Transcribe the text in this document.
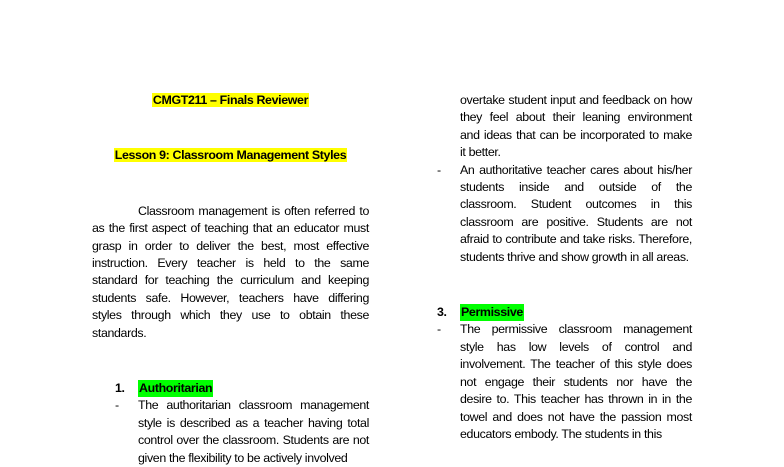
CMGT211 – Finals Reviewer
Lesson 9: Classroom Management Styles

Classroom management is often referred to as the first aspect of teaching that an educator must grasp in order to deliver the best, most effective instruction. Every teacher is held to the same standard for teaching the curriculum and keeping students safe. However, teachers have differing styles through which they use to obtain these standards.

1.	Authoritarian
-	The authoritarian classroom management style is described as a teacher having total control over the classroom. Students are not given the flexibility to be actively involved
overtake student input and feedback on how they feel about their leaning environment and ideas that can be incorporated to make it better.
-	An authoritative teacher cares about his/her students inside and outside of the classroom. Student outcomes in this classroom are positive. Students are not afraid to contribute and take risks. Therefore, students thrive and show growth in all areas.
3.	Permissive
-	The permissive classroom management style has low levels of control and involvement. The teacher of this style does not engage their students nor have the desire to. This teacher has thrown in in the towel and does not have the passion most educators embody. The students in this
